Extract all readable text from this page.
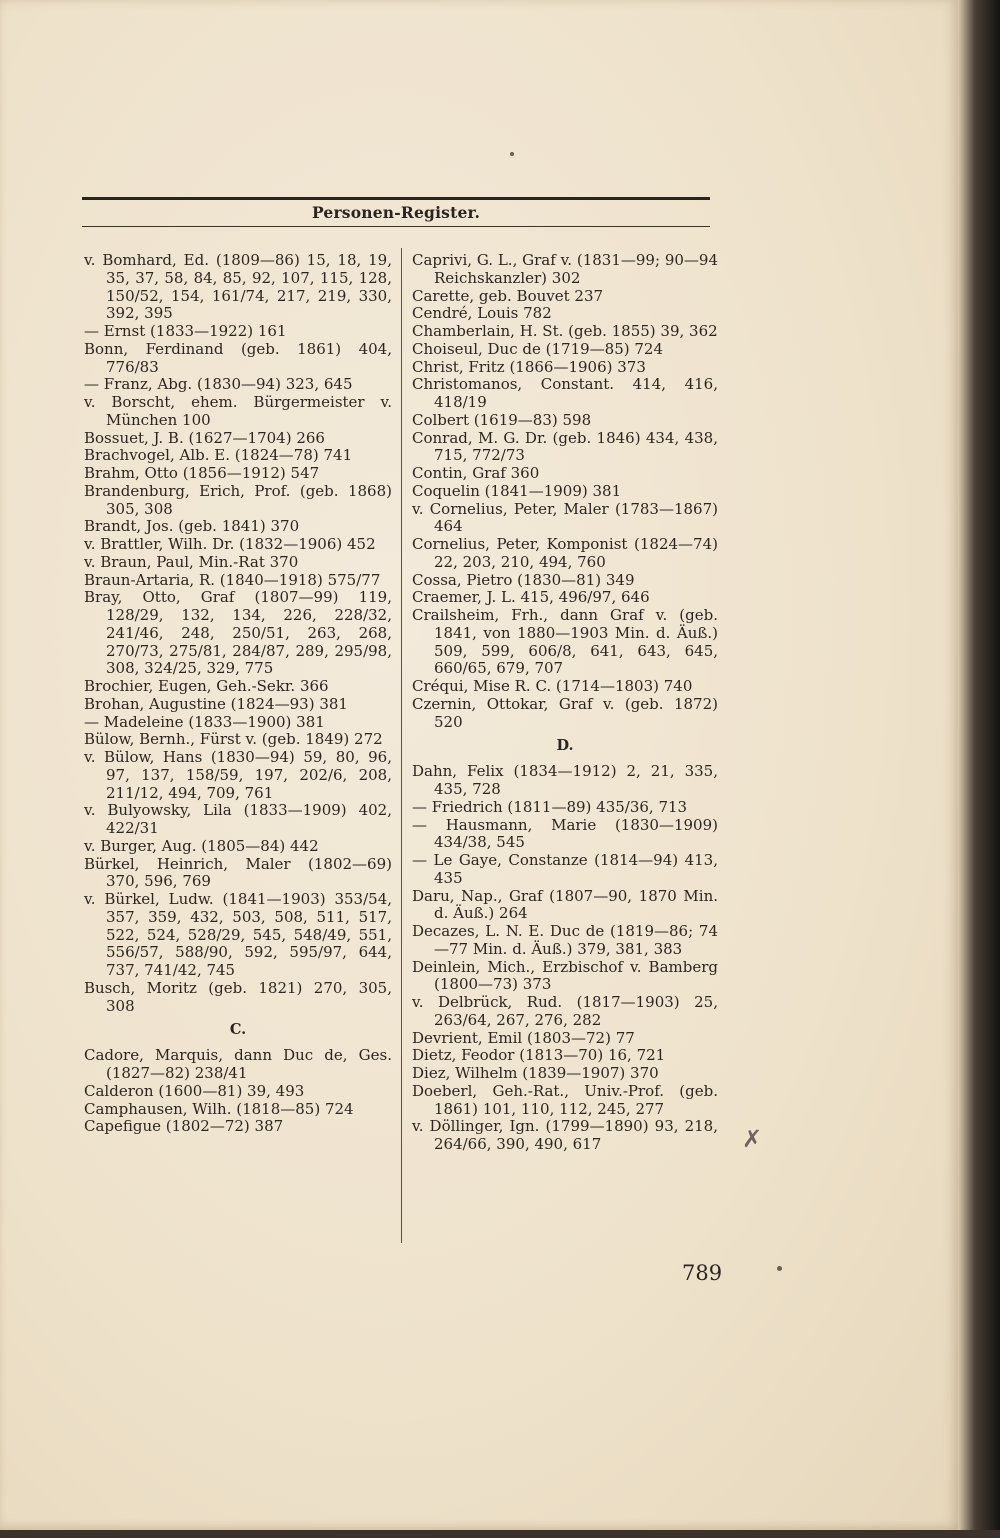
Personen-Register.

v. Bomhard, Ed. (1809—86) 15, 18, 19, 35, 37, 58, 84, 85, 92, 107, 115, 128, 150/52, 154, 161/74, 217, 219, 330, 392, 395

— Ernst (1833—1922) 161

Bonn, Ferdinand (geb. 1861) 404, 776/83

— Franz, Abg. (1830—94) 323, 645

v. Borscht, ehem. Bürgermeister v. München 100

Bossuet, J. B. (1627—1704) 266

Brachvogel, Alb. E. (1824—78) 741

Brahm, Otto (1856—1912) 547

Brandenburg, Erich, Prof. (geb. 1868) 305, 308

Brandt, Jos. (geb. 1841) 370

v. Brattler, Wilh. Dr. (1832—1906) 452

v. Braun, Paul, Min.-Rat 370

Braun-Artaria, R. (1840—1918) 575/77

Bray, Otto, Graf (1807—99) 119, 128/29, 132, 134, 226, 228/32, 241/46, 248, 250/51, 263, 268, 270/73, 275/81, 284/87, 289, 295/98, 308, 324/25, 329, 775

Brochier, Eugen, Geh.-Sekr. 366

Brohan, Augustine (1824—93) 381

— Madeleine (1833—1900) 381

Bülow, Bernh., Fürst v. (geb. 1849) 272

v. Bülow, Hans (1830—94) 59, 80, 96, 97, 137, 158/59, 197, 202/6, 208, 211/12, 494, 709, 761

v. Bulyowsky, Lila (1833—1909) 402, 422/31

v. Burger, Aug. (1805—84) 442

Bürkel, Heinrich, Maler (1802—69) 370, 596, 769

v. Bürkel, Ludw. (1841—1903) 353/54, 357, 359, 432, 503, 508, 511, 517, 522, 524, 528/29, 545, 548/49, 551, 556/57, 588/90, 592, 595/97, 644, 737, 741/42, 745

Busch, Moritz (geb. 1821) 270, 305, 308

C.

Cadore, Marquis, dann Duc de, Ges. (1827—82) 238/41

Calderon (1600—81) 39, 493

Camphausen, Wilh. (1818—85) 724

Capefigue (1802—72) 387

Caprivi, G. L., Graf v. (1831—99; 90—94 Reichskanzler) 302

Carette, geb. Bouvet 237

Cendré, Louis 782

Chamberlain, H. St. (geb. 1855) 39, 362

Choiseul, Duc de (1719—85) 724

Christ, Fritz (1866—1906) 373

Christomanos, Constant. 414, 416, 418/19

Colbert (1619—83) 598

Conrad, M. G. Dr. (geb. 1846) 434, 438, 715, 772/73

Contin, Graf 360

Coquelin (1841—1909) 381

v. Cornelius, Peter, Maler (1783—1867) 464

Cornelius, Peter, Komponist (1824—74) 22, 203, 210, 494, 760

Cossa, Pietro (1830—81) 349

Craemer, J. L. 415, 496/97, 646

Crailsheim, Frh., dann Graf v. (geb. 1841, von 1880—1903 Min. d. Äuß.) 509, 599, 606/8, 641, 643, 645, 660/65, 679, 707

Créqui, Mise R. C. (1714—1803) 740

Czernin, Ottokar, Graf v. (geb. 1872) 520

D.

Dahn, Felix (1834—1912) 2, 21, 335, 435, 728

— Friedrich (1811—89) 435/36, 713

— Hausmann, Marie (1830—1909) 434/38, 545

— Le Gaye, Constanze (1814—94) 413, 435

Daru, Nap., Graf (1807—90, 1870 Min. d. Äuß.) 264

Decazes, L. N. E. Duc de (1819—86; 74—77 Min. d. Äuß.) 379, 381, 383

Deinlein, Mich., Erzbischof v. Bamberg (1800—73) 373

v. Delbrück, Rud. (1817—1903) 25, 263/64, 267, 276, 282

Devrient, Emil (1803—72) 77

Dietz, Feodor (1813—70) 16, 721

Diez, Wilhelm (1839—1907) 370

Doeberl, Geh.-Rat., Univ.-Prof. (geb. 1861) 101, 110, 112, 245, 277

v. Döllinger, Ign. (1799—1890) 93, 218, 264/66, 390, 490, 617

789
✗
